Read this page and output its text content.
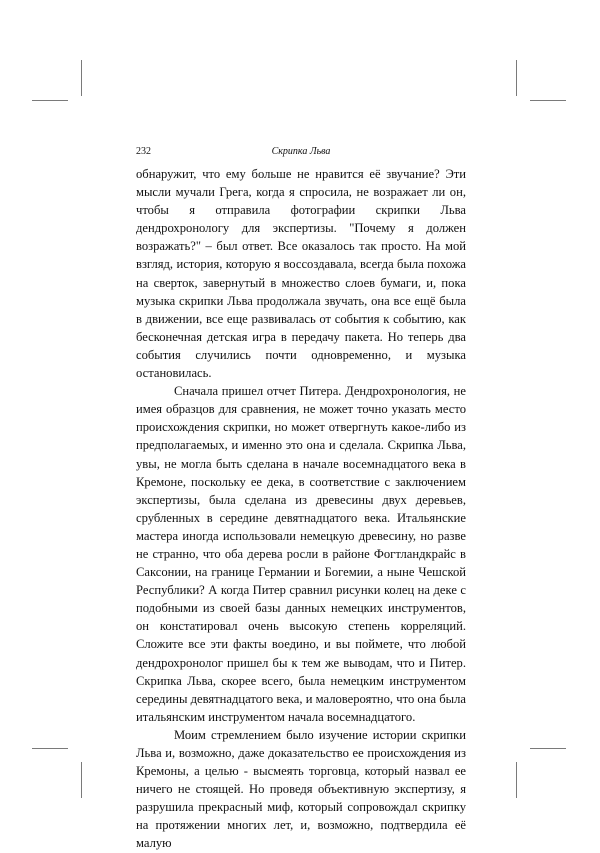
232	Скрипка Льва

обнаружит, что ему больше не нравится её звучание? Эти мысли мучали Грега, когда я спросила, не возражает ли он, чтобы я отправила фотографии скрипки Льва дендрохронологу для экспертизы. "Почему я должен возражать?" – был ответ. Все оказалось так просто. На мой взгляд, история, которую я воссоздавала, всегда была похожа на сверток, завернутый в множество слоев бумаги, и, пока музыка скрипки Льва продолжала звучать, она все ещё была в движении, все еще развивалась от события к событию, как бесконечная детская игра в передачу пакета. Но теперь два события случились почти одновременно, и музыка остановилась.

Сначала пришел отчет Питера. Дендрохронология, не имея образцов для сравнения, не может точно указать место происхождения скрипки, но может отвергнуть какое-либо из предполагаемых, и именно это она и сделала. Скрипка Льва, увы, не могла быть сделана в начале восемнадцатого века в Кремоне, поскольку ее дека, в соответствие с заключением экспертизы, была сделана из древесины двух деревьев, срубленных в середине девятнадцатого века. Итальянские мастера иногда использовали немецкую древесину, но разве не странно, что оба дерева росли в районе Фогтландкрайс в Саксонии, на границе Германии и Богемии, а ныне Чешской Республики? А когда Питер сравнил рисунки колец на деке с подобными из своей базы данных немецких инструментов, он констатировал очень высокую степень корреляций. Сложите все эти факты воедино, и вы поймете, что любой дендрохронолог пришел бы к тем же выводам, что и Питер. Скрипка Льва, скорее всего, была немецким инструментом середины девятнадцатого века, и маловероятно, что она была итальянским инструментом начала восемнадцатого.

Моим стремлением было изучение истории скрипки Льва и, возможно, даже доказательство ее происхождения из Кремоны, а целью - высмеять торговца, который назвал ее ничего не стоящей. Но проведя объективную экспертизу, я разрушила прекрасный миф, который сопровождал скрипку на протяжении многих лет, и, возможно, подтвердила её малую
